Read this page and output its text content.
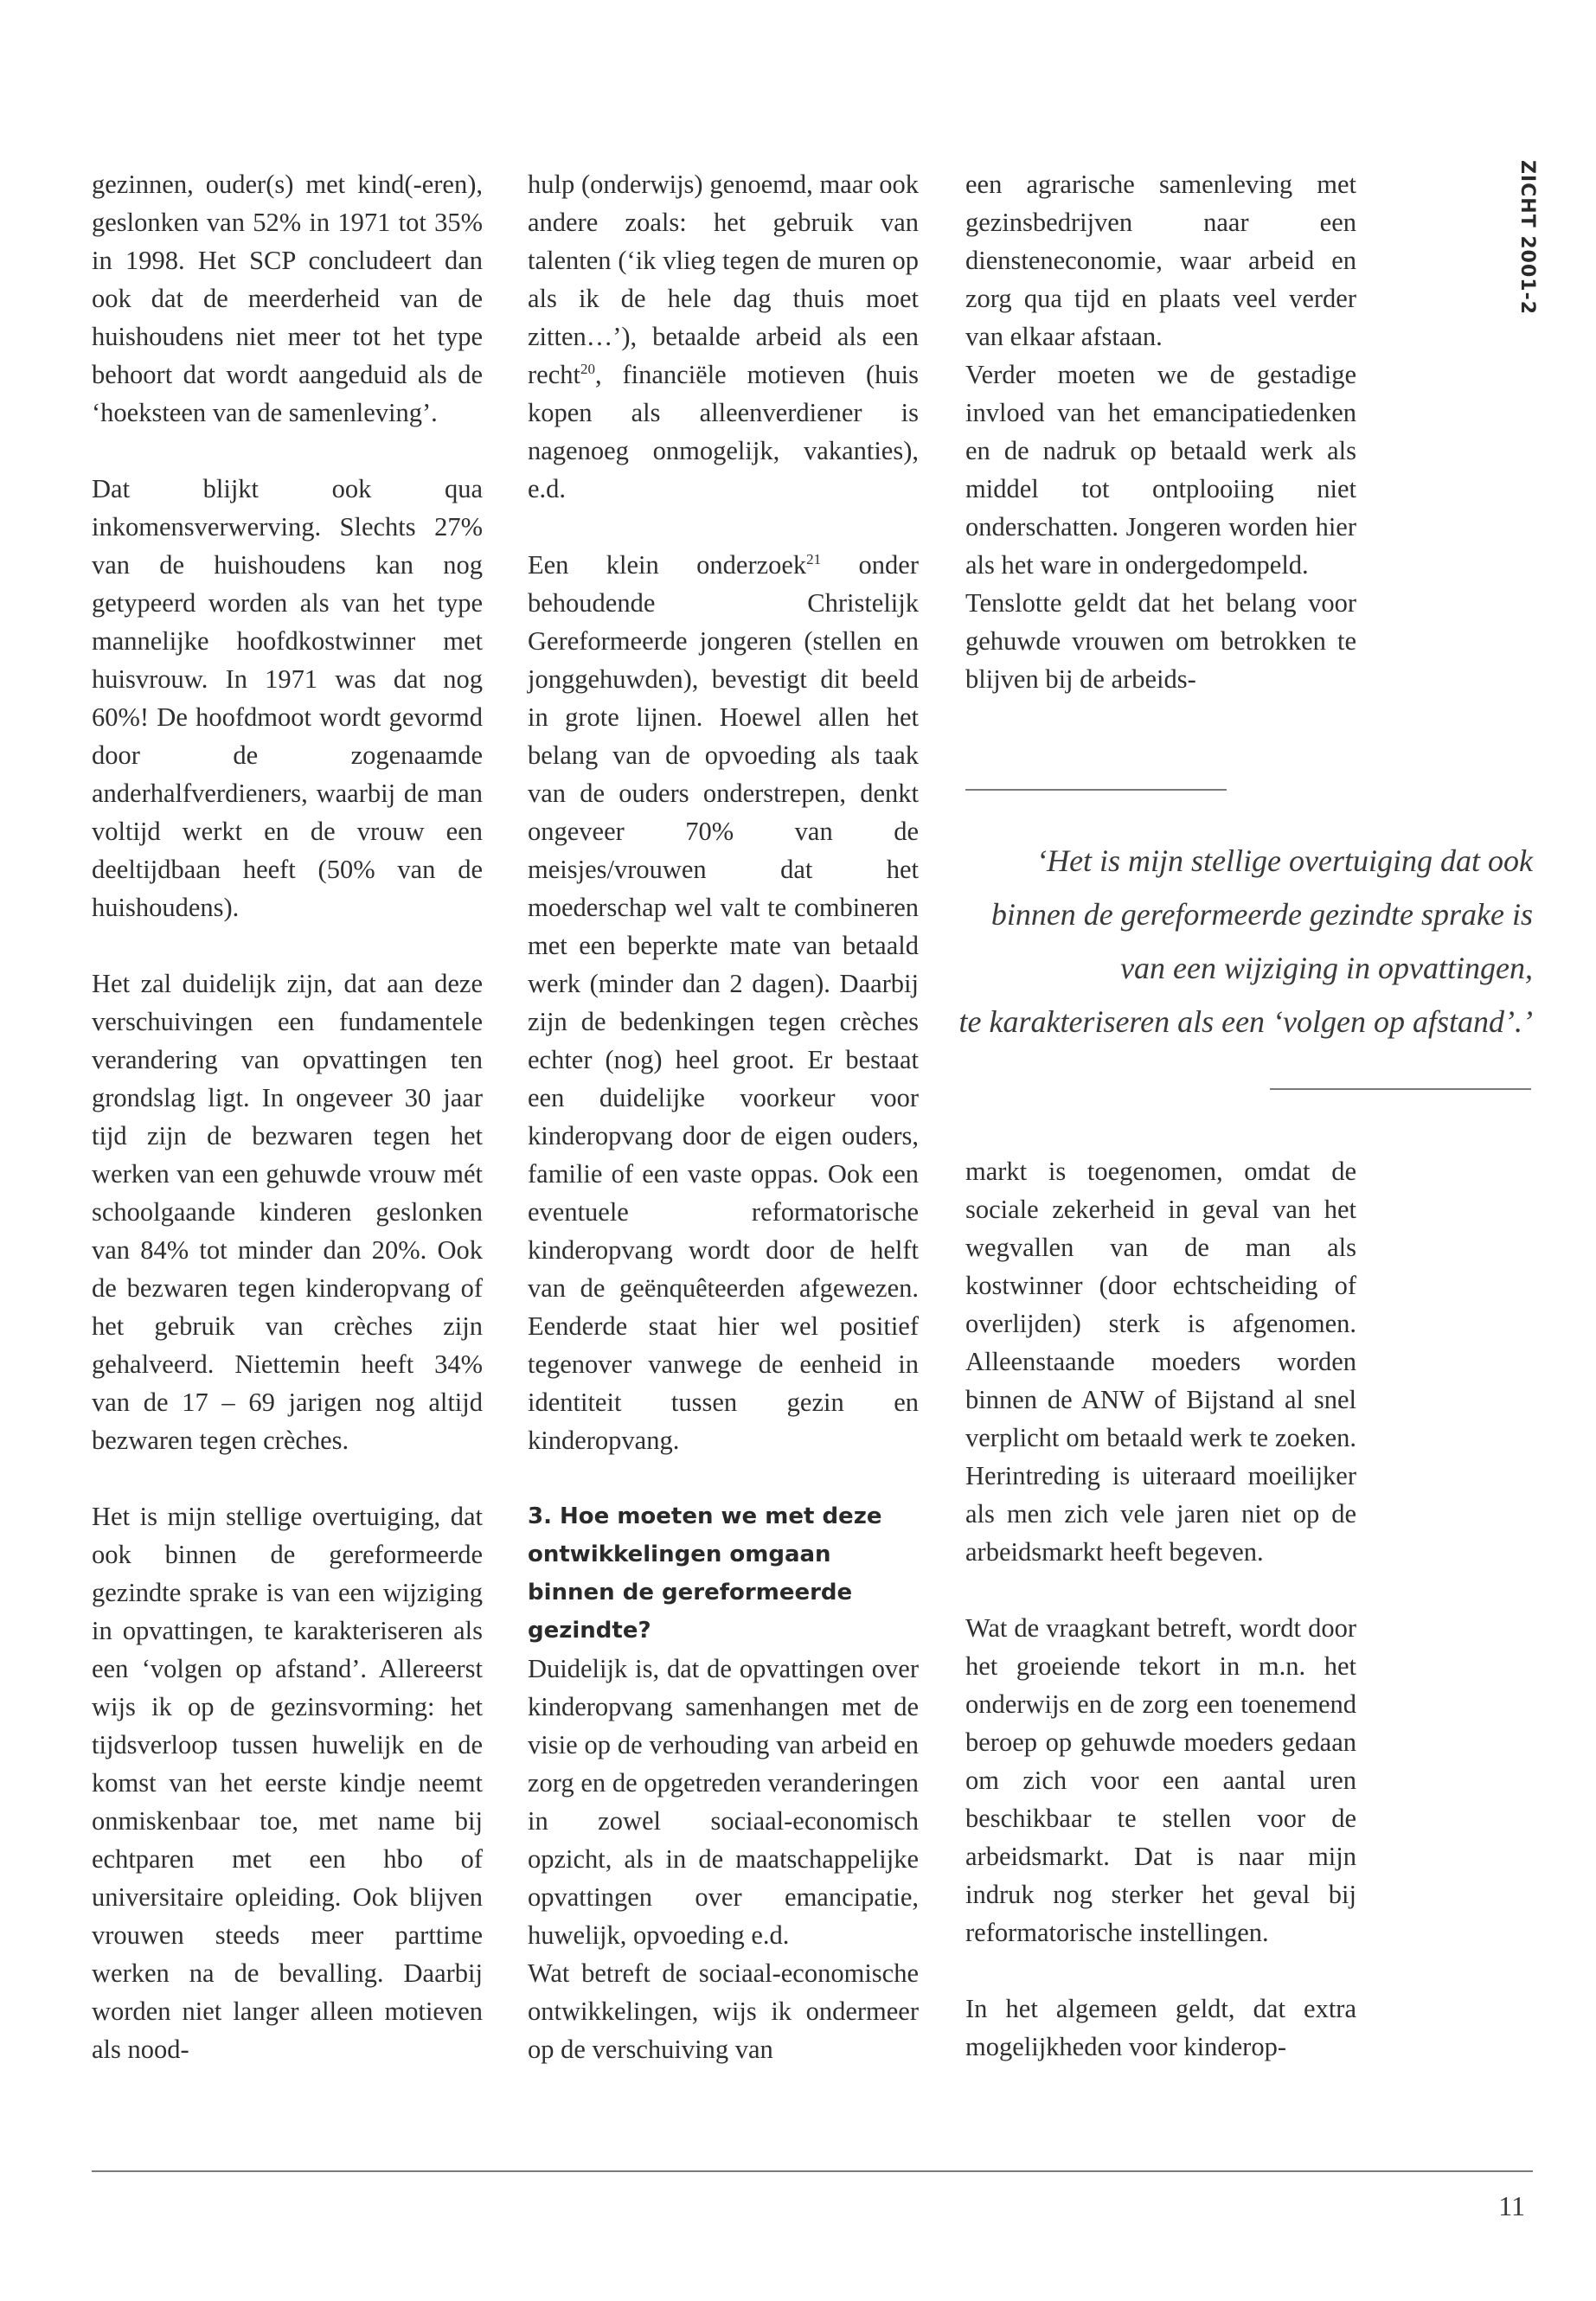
ZICHT 2001-2

gezinnen, ouder(s) met kind(-eren), geslonken van 52% in 1971 tot 35% in 1998. Het SCP concludeert dan ook dat de meerderheid van de huishoudens niet meer tot het type behoort dat wordt aangeduid als de ‘hoeksteen van de samenleving’.

Dat blijkt ook qua inkomensverwerving. Slechts 27% van de huishoudens kan nog getypeerd worden als van het type mannelijke hoofdkostwinner met huisvrouw. In 1971 was dat nog 60%! De hoofdmoot wordt gevormd door de zogenaamde anderhalfverdieners, waarbij de man voltijd werkt en de vrouw een deeltijdbaan heeft (50% van de huishoudens).

Het zal duidelijk zijn, dat aan deze verschuivingen een fundamentele verandering van opvattingen ten grondslag ligt. In ongeveer 30 jaar tijd zijn de bezwaren tegen het werken van een gehuwde vrouw mét schoolgaande kinderen geslonken van 84% tot minder dan 20%. Ook de bezwaren tegen kinderopvang of het gebruik van crèches zijn gehalveerd. Niettemin heeft 34% van de 17 – 69 jarigen nog altijd bezwaren tegen crèches.

Het is mijn stellige overtuiging, dat ook binnen de gereformeerde gezindte sprake is van een wijziging in opvattingen, te karakteriseren als een ‘volgen op afstand’. Allereerst wijs ik op de gezinsvorming: het tijdsverloop tussen huwelijk en de komst van het eerste kindje neemt onmiskenbaar toe, met name bij echtparen met een hbo of universitaire opleiding. Ook blijven vrouwen steeds meer parttime werken na de bevalling. Daarbij worden niet langer alleen motieven als nood-

hulp (onderwijs) genoemd, maar ook andere zoals: het gebruik van talenten (‘ik vlieg tegen de muren op als ik de hele dag thuis moet zitten…’), betaalde arbeid als een recht$^{20}$, financiële motieven (huis kopen als alleenverdiener is nagenoeg onmogelijk, vakanties), e.d.

Een klein onderzoek$^{21}$ onder behoudende Christelijk Gereformeerde jongeren (stellen en jonggehuwden), bevestigt dit beeld in grote lijnen. Hoewel allen het belang van de opvoeding als taak van de ouders onderstrepen, denkt ongeveer 70% van de meisjes/vrouwen dat het moederschap wel valt te combineren met een beperkte mate van betaald werk (minder dan 2 dagen). Daarbij zijn de bedenkingen tegen crèches echter (nog) heel groot. Er bestaat een duidelijke voorkeur voor kinderopvang door de eigen ouders, familie of een vaste oppas. Ook een eventuele reformatorische kinderopvang wordt door de helft van de geënquêteerden afgewezen. Eenderde staat hier wel positief tegenover vanwege de eenheid in identiteit tussen gezin en kinderopvang.

3. Hoe moeten we met deze ontwikkelingen omgaan binnen de gereformeerde gezindte?

Duidelijk is, dat de opvattingen over kinderopvang samenhangen met de visie op de verhouding van arbeid en zorg en de opgetreden veranderingen in zowel sociaal-economisch opzicht, als in de maatschappelijke opvattingen over emancipatie, huwelijk, opvoeding e.d.

Wat betreft de sociaal-economische ontwikkelingen, wijs ik ondermeer op de verschuiving van

een agrarische samenleving met gezinsbedrijven naar een diensteneconomie, waar arbeid en zorg qua tijd en plaats veel verder van elkaar afstaan.

Verder moeten we de gestadige invloed van het emancipatiedenken en de nadruk op betaald werk als middel tot ontplooiing niet onderschatten. Jongeren worden hier als het ware in ondergedompeld.

Tenslotte geldt dat het belang voor gehuwde vrouwen om betrokken te blijven bij de arbeids-

‘Het is mijn stellige overtuiging dat ook
binnen de gereformeerde gezindte sprake is
van een wijziging in opvattingen,
te karakteriseren als een ‘volgen op afstand’.’

markt is toegenomen, omdat de sociale zekerheid in geval van het wegvallen van de man als kostwinner (door echtscheiding of overlijden) sterk is afgenomen. Alleenstaande moeders worden binnen de ANW of Bijstand al snel verplicht om betaald werk te zoeken. Herintreding is uiteraard moeilijker als men zich vele jaren niet op de arbeidsmarkt heeft begeven.

Wat de vraagkant betreft, wordt door het groeiende tekort in m.n. het onderwijs en de zorg een toenemend beroep op gehuwde moeders gedaan om zich voor een aantal uren beschikbaar te stellen voor de arbeidsmarkt. Dat is naar mijn indruk nog sterker het geval bij reformatorische instellingen.

In het algemeen geldt, dat extra mogelijkheden voor kinderop-

11
